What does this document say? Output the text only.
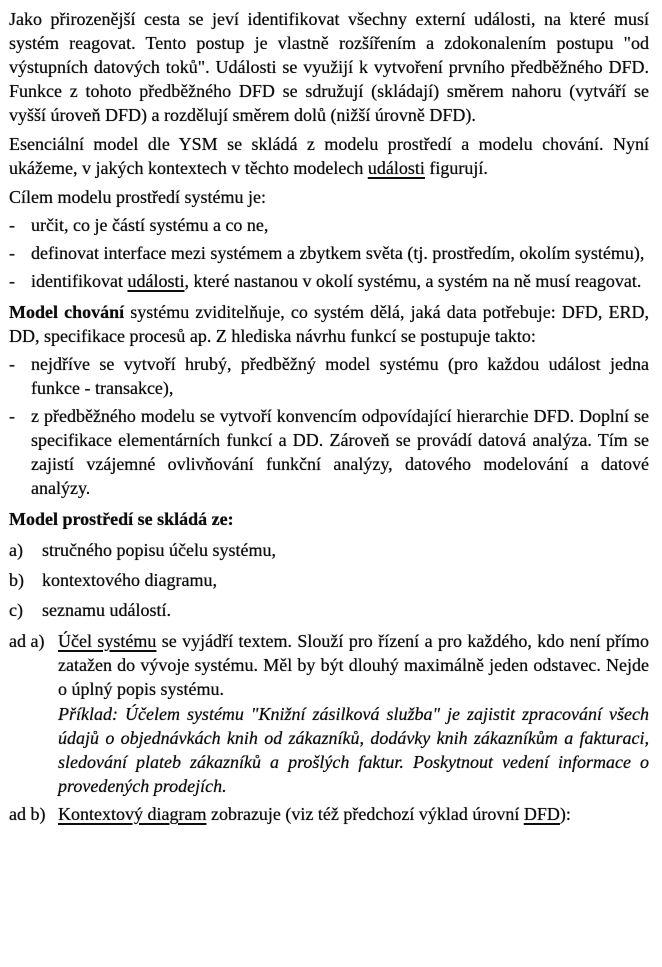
Jako přirozenější cesta se jeví identifikovat všechny externí události, na které musí systém reagovat. Tento postup je vlastně rozšířením a zdokonalením postupu "od výstupních datových toků". Události se využijí k vytvoření prvního předběžného DFD. Funkce z tohoto předběžného DFD se sdružují (skládají) směrem nahoru (vytváří se vyšší úroveň DFD) a rozdělují směrem dolů (nižší úrovně DFD).

Esenciální model dle YSM se skládá z modelu prostředí a modelu chování. Nyní ukážeme, v jakých kontextech v těchto modelech události figurují.

Cílem modelu prostředí systému je:

- určit, co je částí systému a co ne,
- definovat interface mezi systémem a zbytkem světa (tj. prostředím, okolím systému),
- identifikovat události, které nastanou v okolí systému, a systém na ně musí reagovat.

Model chování systému zviditelňuje, co systém dělá, jaká data potřebuje: DFD, ERD, DD, specifikace procesů ap. Z hlediska návrhu funkcí se postupuje takto:

- nejdříve se vytvoří hrubý, předběžný model systému (pro každou událost jedna funkce - transakce),
- z předběžného modelu se vytvoří konvencím odpovídající hierarchie DFD. Doplní se specifikace elementárních funkcí a DD. Zároveň se provádí datová analýza. Tím se zajistí vzájemné ovlivňování funkční analýzy, datového modelování a datové analýzy.

Model prostředí se skládá ze:

a)	stručného popisu účelu systému,
b)	kontextového diagramu,
c)	seznamu událostí.
ad a) Účel systému se vyjádří textem. Slouží pro řízení a pro každého, kdo není přímo zatažen do vývoje systému. Měl by být dlouhý maximálně jeden odstavec. Nejde o úplný popis systému.
Příklad: Účelem systému "Knižní zásilková služba" je zajistit zpracování všech údajů o objednávkách knih od zákazníků, dodávky knih zákazníkům a fakturaci, sledování plateb zákazníků a prošlých faktur. Poskytnout vedení informace o provedených prodejích.
ad b) Kontextový diagram zobrazuje (viz též předchozí výklad úrovní DFD):
